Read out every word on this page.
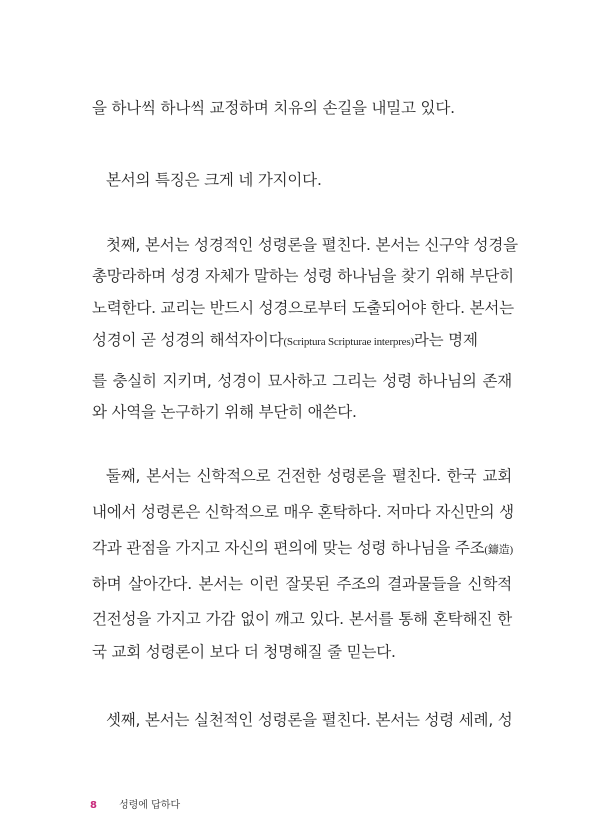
을 하나씩 하나씩 교정하며 치유의 손길을 내밀고 있다.
본서의 특징은 크게 네 가지이다.
첫째, 본서는 성경적인 성령론을 펼친다. 본서는 신구약 성경을
총망라하며 성경 자체가 말하는 성령 하나님을 찾기 위해 부단히
노력한다. 교리는 반드시 성경으로부터 도출되어야 한다. 본서는
성경이 곧 성경의 해석자이다(Scriptura Scripturae interpres)라는 명제
를 충실히 지키며, 성경이 묘사하고 그리는 성령 하나님의 존재
와 사역을 논구하기 위해 부단히 애쓴다.
둘째, 본서는 신학적으로 건전한 성령론을 펼친다. 한국 교회
내에서 성령론은 신학적으로 매우 혼탁하다. 저마다 자신만의 생
각과 관점을 가지고 자신의 편의에 맞는 성령 하나님을 주조(鑄造)
하며 살아간다. 본서는 이런 잘못된 주조의 결과물들을 신학적
건전성을 가지고 가감 없이 깨고 있다. 본서를 통해 혼탁해진 한
국 교회 성령론이 보다 더 청명해질 줄 믿는다.
셋째, 본서는 실천적인 성령론을 펼친다. 본서는 성령 세례, 성
8 성령에 답하다
